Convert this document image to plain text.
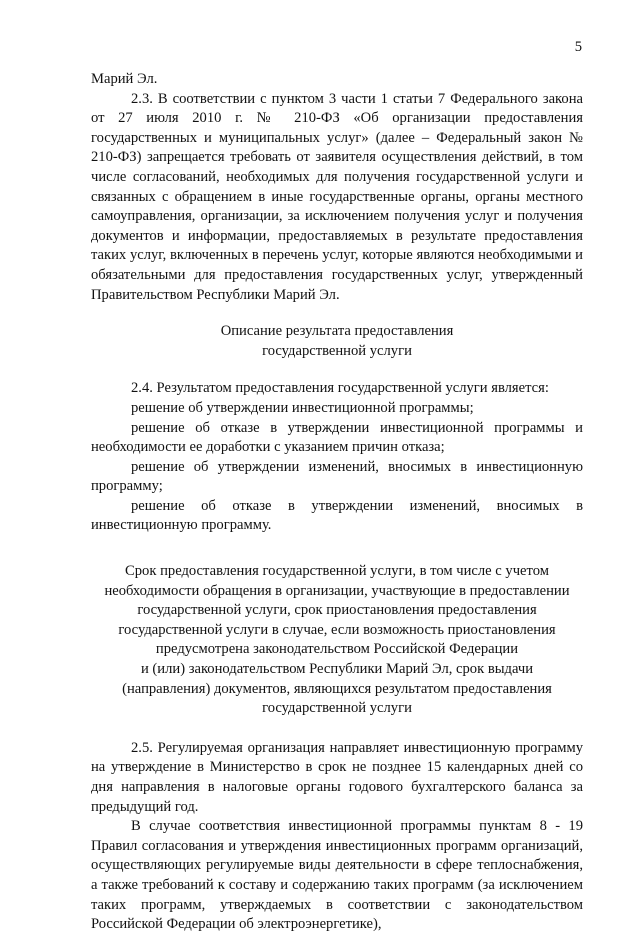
5

Марий Эл.

2.3. В соответствии с пунктом 3 части 1 статьи 7 Федерального закона от 27 июля 2010 г. № 210-ФЗ «Об организации предоставления государственных и муниципальных услуг» (далее – Федеральный закон № 210-ФЗ) запрещается требовать от заявителя осуществления действий, в том числе согласований, необходимых для получения государственной услуги и связанных с обращением в иные государственные органы, органы местного самоуправления, организации, за исключением получения услуг и получения документов и информации, предоставляемых в результате предоставления таких услуг, включенных в перечень услуг, которые являются необходимыми и обязательными для предоставления государственных услуг, утвержденный Правительством Республики Марий Эл.

Описание результата предоставления

государственной услуги

2.4. Результатом предоставления государственной услуги является:

решение об утверждении инвестиционной программы;

решение об отказе в утверждении инвестиционной программы и необходимости ее доработки с указанием причин отказа;

решение об утверждении изменений, вносимых в инвестиционную программу;

решение об отказе в утверждении изменений, вносимых в инвестиционную программу.

Срок предоставления государственной услуги, в том числе с учетом

необходимости обращения в организации, участвующие в предоставлении

государственной услуги, срок приостановления предоставления

государственной услуги в случае, если возможность приостановления

предусмотрена законодательством Российской Федерации

и (или) законодательством Республики Марий Эл, срок выдачи

(направления) документов, являющихся результатом предоставления

государственной услуги

2.5. Регулируемая организация направляет инвестиционную программу на утверждение в Министерство в срок не позднее 15 календарных дней со дня направления в налоговые органы годового бухгалтерского баланса за предыдущий год.

В случае соответствия инвестиционной программы пунктам 8 - 19 Правил согласования и утверждения инвестиционных программ организаций, осуществляющих регулируемые виды деятельности в сфере теплоснабжения, а также требований к составу и содержанию таких программ (за исключением таких программ, утверждаемых в соответствии с законодательством Российской Федерации об электроэнергетике),
